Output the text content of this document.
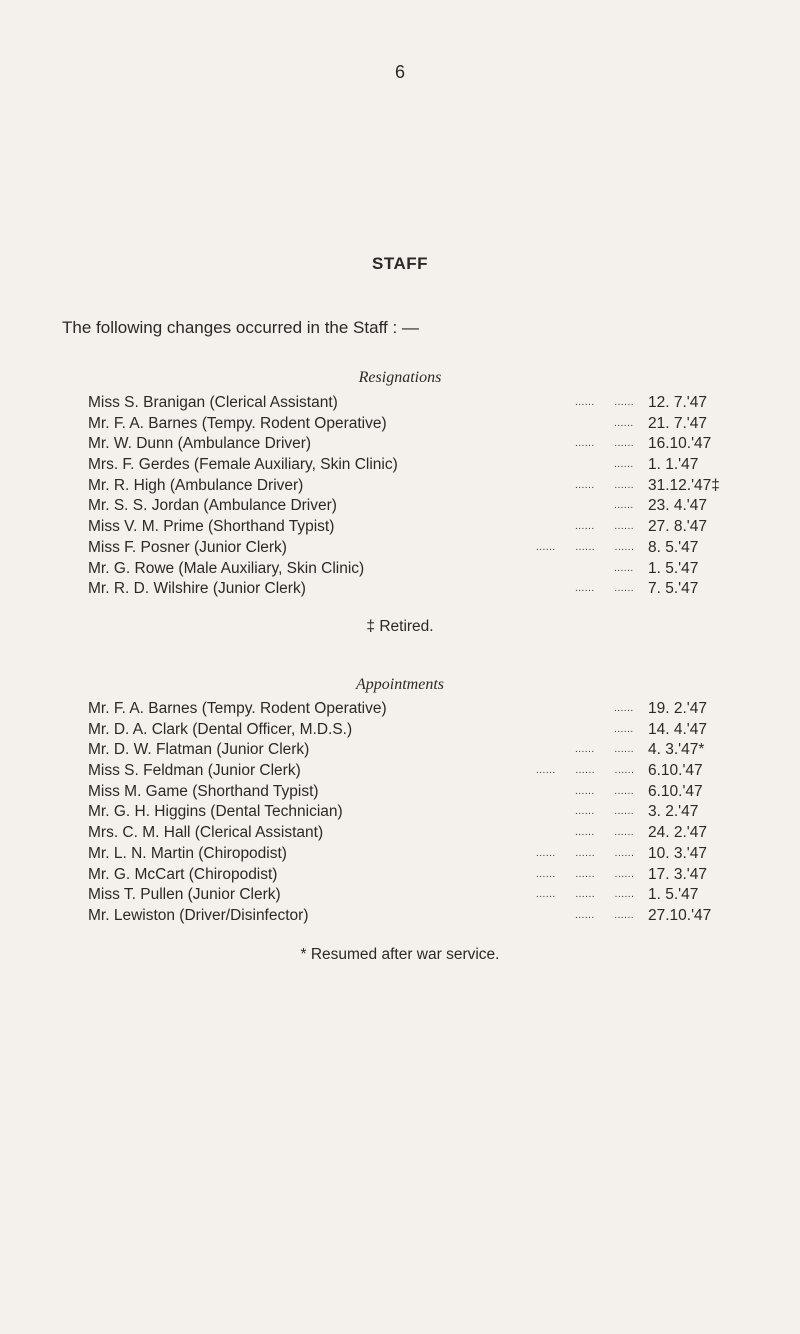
6
STAFF
The following changes occurred in the Staff : —
Resignations
Miss S. Branigan (Clerical Assistant)	......      ...... 12. 7.'47
Mr. F. A. Barnes (Tempy. Rodent Operative)	...... 21. 7.'47
Mr. W. Dunn (Ambulance Driver)	......      ...... 16.10.'47
Mrs. F. Gerdes (Female Auxiliary, Skin Clinic)	...... 1. 1.'47
Mr. R. High (Ambulance Driver)	......      ...... 31.12.'47‡
Mr. S. S. Jordan (Ambulance Driver)	...... 23. 4.'47
Miss V. M. Prime (Shorthand Typist)	......      ...... 27. 8.'47
Miss F. Posner (Junior Clerk)	......      ......      ...... 8. 5.'47
Mr. G. Rowe (Male Auxiliary, Skin Clinic)	...... 1. 5.'47
Mr. R. D. Wilshire (Junior Clerk)	......      ...... 7. 5.'47
‡ Retired.
Appointments
Mr. F. A. Barnes (Tempy. Rodent Operative)	...... 19. 2.'47
Mr. D. A. Clark (Dental Officer, M.D.S.)	...... 14. 4.'47
Mr. D. W. Flatman (Junior Clerk)	......      ...... 4. 3.'47*
Miss S. Feldman (Junior Clerk)	......      ......      ...... 6.10.'47
Miss M. Game (Shorthand Typist)	......      ...... 6.10.'47
Mr. G. H. Higgins (Dental Technician)	......      ...... 3. 2.'47
Mrs. C. M. Hall (Clerical Assistant)	......      ...... 24. 2.'47
Mr. L. N. Martin (Chiropodist)	......      ......      ...... 10. 3.'47
Mr. G. McCart (Chiropodist)	......      ......      ...... 17. 3.'47
Miss T. Pullen (Junior Clerk)	......      ......      ...... 1. 5.'47
Mr. Lewiston (Driver/Disinfector)	......      ...... 27.10.'47
* Resumed after war service.
